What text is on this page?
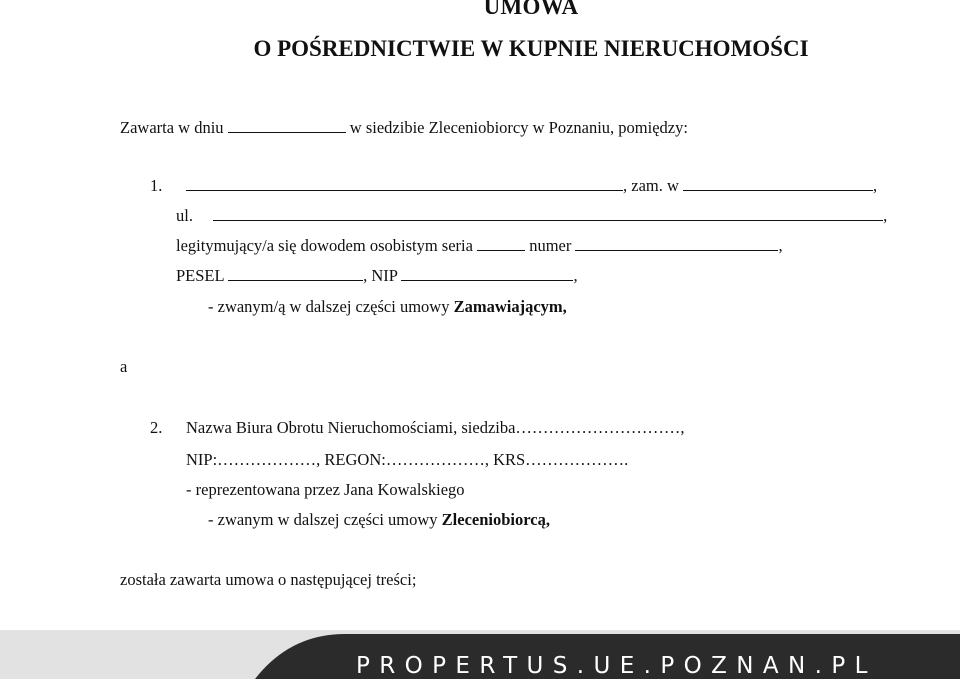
UMOWA
O POŚREDNICTWIE W KUPNIE NIERUCHOMOŚCI
Zawarta w dniu	w siedzibie Zleceniobiorcy w Poznaniu, pomiędzy:
1.	, zam. w	,
ul.	,
legitymujący/a się dowodem osobistym seria	numer	,
PESEL	, NIP	,
- zwanym/ą w dalszej części umowy Zamawiającym,
a
2. Nazwa Biura Obrotu Nieruchomościami, siedziba…………………………,
NIP:………………, REGON:………………, KRS……………….
- reprezentowana przez Jana Kowalskiego
- zwanym w dalszej części umowy Zleceniobiorcą,
została zawarta umowa o następującej treści;
PROPERTUS.UE.POZNAN.PL
